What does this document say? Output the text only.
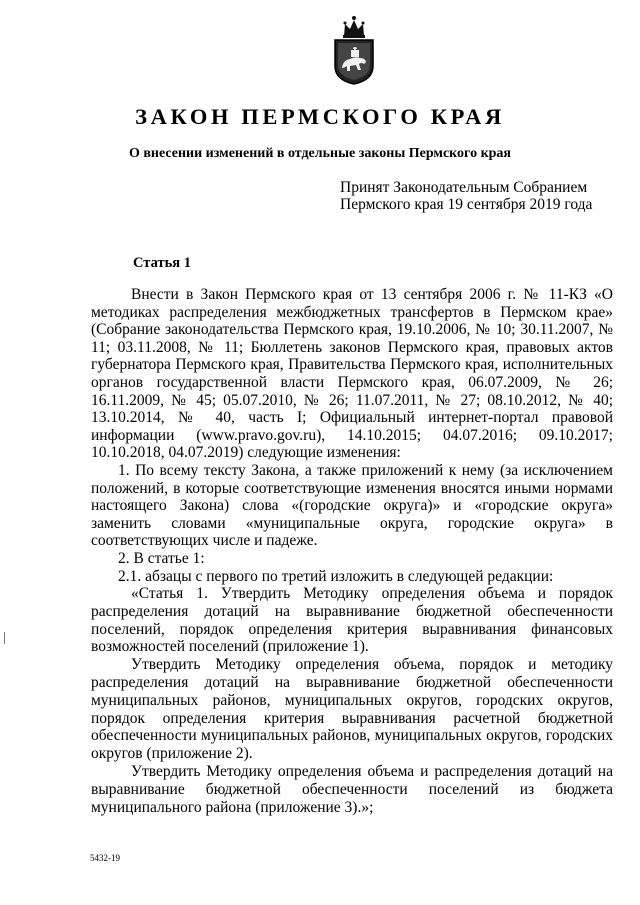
ЗАКОН ПЕРМСКОГО КРАЯ
О внесении изменений в отдельные законы Пермского края
Принят Законодательным Собранием
Пермского края 19 сентября 2019 года
Статья 1

Внести в Закон Пермского края от 13 сентября 2006 г. № 11-КЗ «О методиках распределения межбюджетных трансфертов в Пермском крае» (Собрание законодательства Пермского края, 19.10.2006, № 10; 30.11.2007, № 11; 03.11.2008, № 11; Бюллетень законов Пермского края, правовых актов губернатора Пермского края, Правительства Пермского края, исполнительных органов государственной власти Пермского края, 06.07.2009, № 26; 16.11.2009, № 45; 05.07.2010, № 26; 11.07.2011, № 27; 08.10.2012, № 40; 13.10.2014, № 40, часть I; Официальный интернет-портал правовой информации (www.pravo.gov.ru), 14.10.2015; 04.07.2016; 09.10.2017; 10.10.2018, 04.07.2019) следующие изменения:

1. По всему тексту Закона, а также приложений к нему (за исключением положений, в которые соответствующие изменения вносятся иными нормами настоящего Закона) слова «(городские округа)» и «городские округа» заменить словами «муниципальные округа, городские округа» в соответствующих числе и падеже.

2. В статье 1:

2.1. абзацы с первого по третий изложить в следующей редакции:

«Статья 1. Утвердить Методику определения объема и порядок распределения дотаций на выравнивание бюджетной обеспеченности поселений, порядок определения критерия выравнивания финансовых возможностей поселений (приложение 1).

Утвердить Методику определения объема, порядок и методику распределения дотаций на выравнивание бюджетной обеспеченности муниципальных районов, муниципальных округов, городских округов, порядок определения критерия выравнивания расчетной бюджетной обеспеченности муниципальных районов, муниципальных округов, городских округов (приложение 2).

Утвердить Методику определения объема и распределения дотаций на выравнивание бюджетной обеспеченности поселений из бюджета муниципального района (приложение 3).»;

5432-19
